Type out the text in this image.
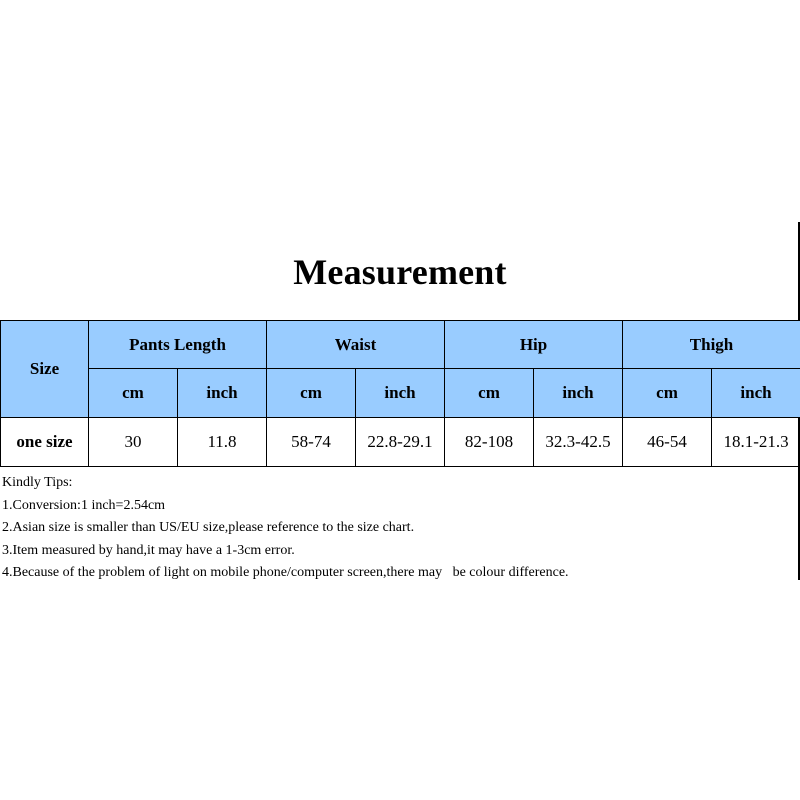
Measurement
Size	Pants Length		Waist		Hip		Thigh	
	cm	inch	cm	inch	cm	inch	cm	inch
one size	30	11.8	58-74	22.8-29.1	82-108	32.3-42.5	46-54	18.1-21.3
Kindly Tips:
1.Conversion:1 inch=2.54cm
2.Asian size is smaller than US/EU size,please reference to the size chart.
3.Item measured by hand,it may have a 1-3cm error.
4.Because of the problem of light on mobile phone/computer screen,there may   be colour difference.
